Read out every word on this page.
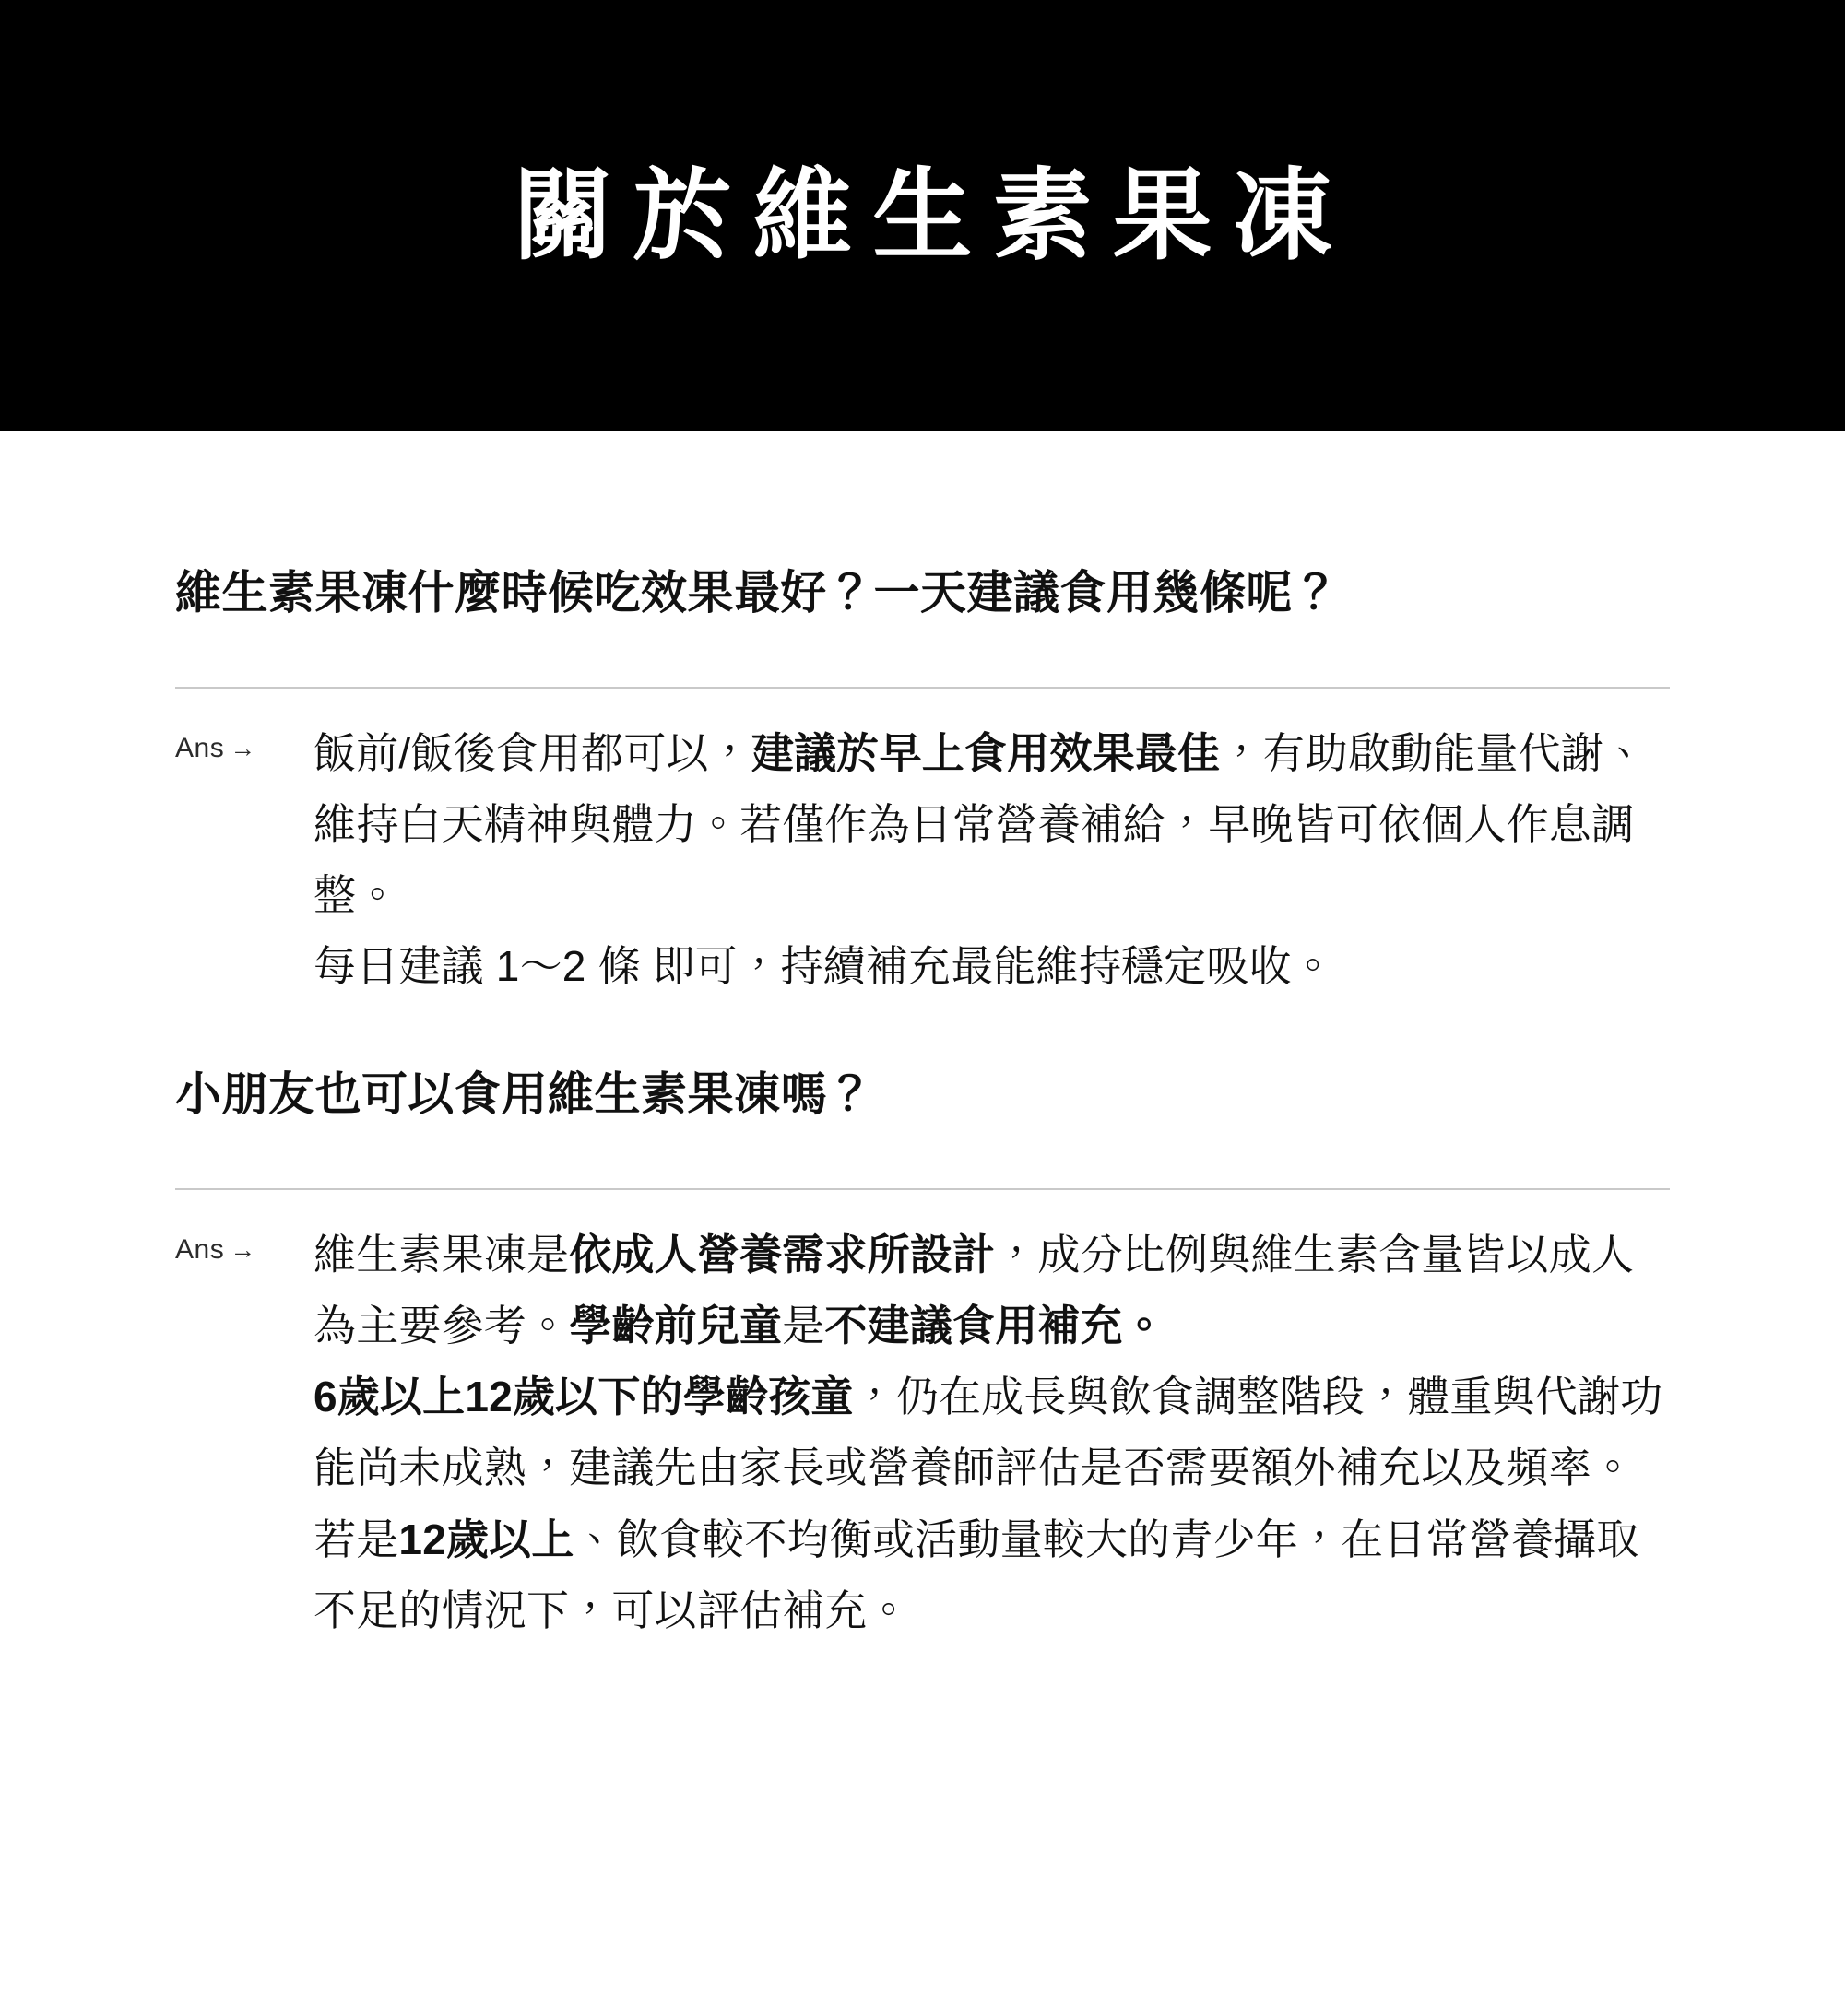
關於維生素果凍
維生素果凍什麼時候吃效果最好？一天建議食用幾條呢？
Ans →	飯前/飯後食用都可以，建議於早上食用效果最佳，有助啟動能量代謝、維持白天精神與體力。若僅作為日常營養補給，早晚皆可依個人作息調整。

每日建議 1～2 條 即可，持續補充最能維持穩定吸收。

小朋友也可以食用維生素果凍嗎？
Ans →	維生素果凍是依成人營養需求所設計，成分比例與維生素含量皆以成人為主要參考。學齡前兒童是不建議食用補充。

6歲以上12歲以下的學齡孩童，仍在成長與飲食調整階段，體重與代謝功能尚未成熟，建議先由家長或營養師評估是否需要額外補充以及頻率。

若是12歲以上、飲食較不均衡或活動量較大的青少年，在日常營養攝取不足的情況下，可以評估補充。
